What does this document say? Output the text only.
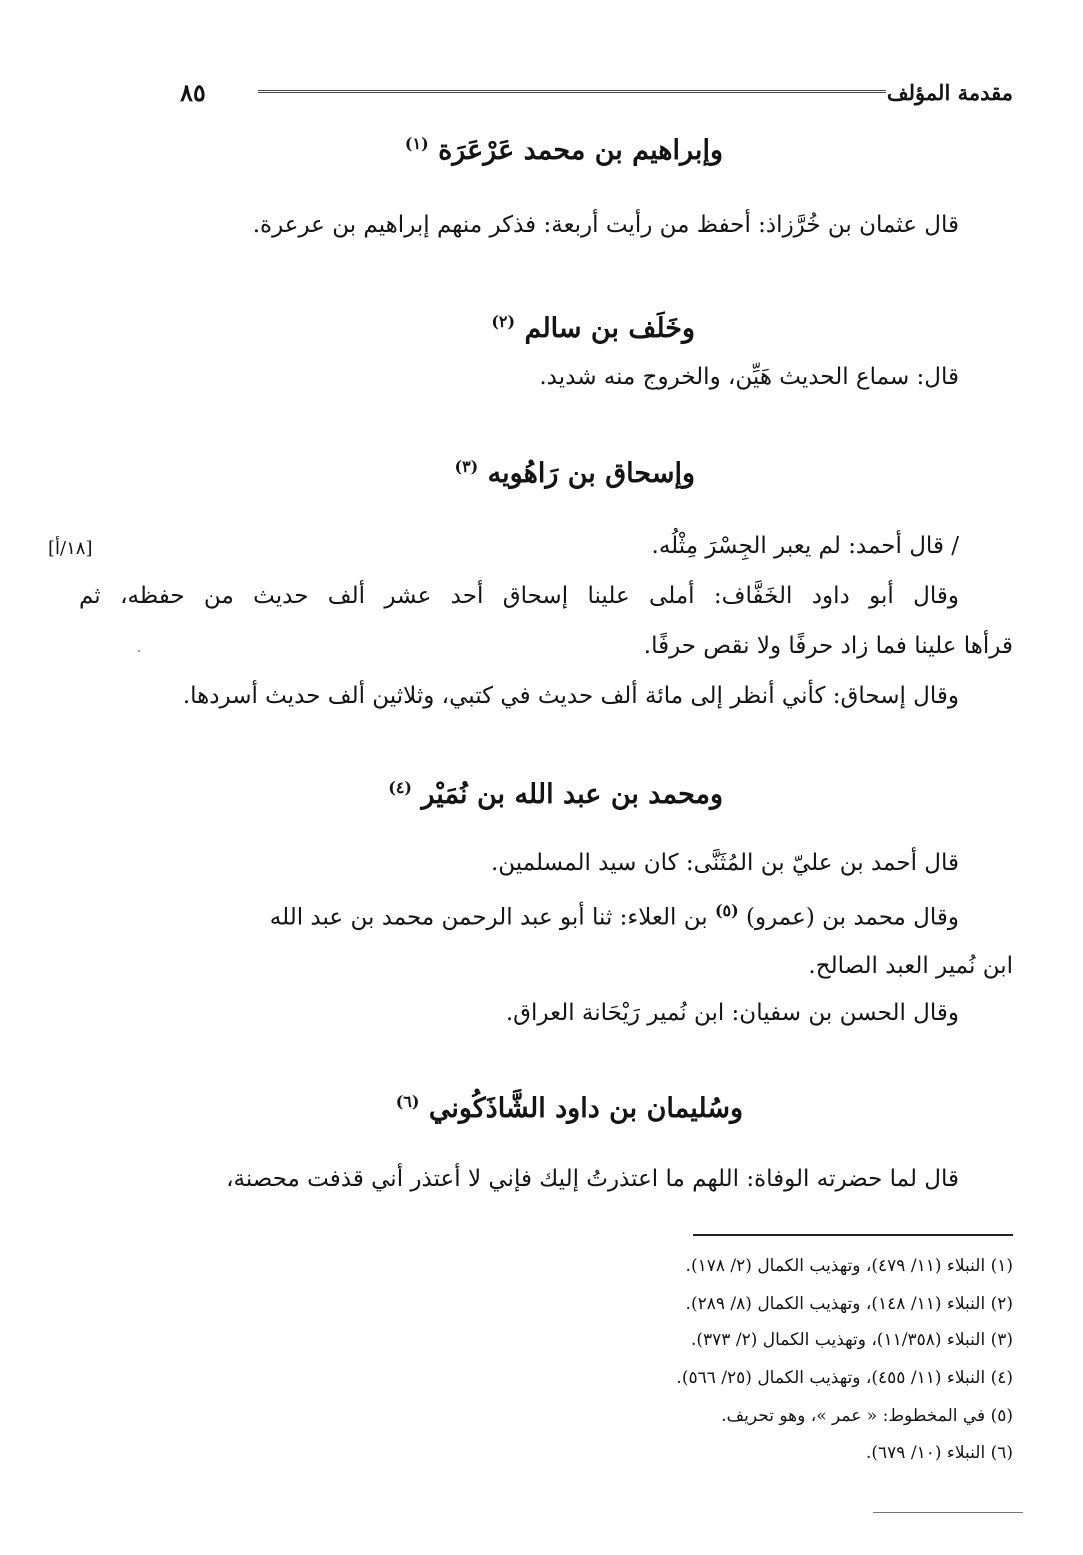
مقدمة المؤلف
٨٥
وإبراهيم بن محمد عَرْعَرَة $^{(١)}$
قال عثمان بن خُرَّزاذ: أحفظ من رأيت أربعة: فذكر منهم إبراهيم بن عرعرة.
وخَلَف بن سالم $^{(٢)}$
قال: سماع الحديث هَيِّن، والخروج منه شديد.
وإسحاق بن رَاهُويه $^{(٣)}$
[١٨/أ]	/ قال أحمد: لم يعبر الجِسْرَ مِثْلُه.
وقال أبو داود الخَفَّاف: أملى علينا إسحاق أحد عشر ألف حديث من حفظه، ثم
قرأها علينا فما زاد حرفًا ولا نقص حرفًا.
وقال إسحاق: كأني أنظر إلى مائة ألف حديث في كتبي، وثلاثين ألف حديث أسردها.
ومحمد بن عبد الله بن نُمَيْر $^{(٤)}$
قال أحمد بن عليّ بن المُثَنَّى: كان سيد المسلمين.
وقال محمد بن (عمرو) $^{(٥)}$ بن العلاء: ثنا أبو عبد الرحمن محمد بن عبد الله
ابن نُمير العبد الصالح.
وقال الحسن بن سفيان: ابن نُمير رَيْحَانة العراق.
وسُليمان بن داود الشَّاذَكُوني $^{(٦)}$
قال لما حضرته الوفاة: اللهم ما اعتذرتُ إليك فإني لا أعتذر أني قذفت محصنة،
(١) النبلاء (١١/ ٤٧٩)، وتهذيب الكمال (٢/ ١٧٨).
(٢) النبلاء (١١/ ١٤٨)، وتهذيب الكمال (٨/ ٢٨٩).
(٣) النبلاء (١١/٣٥٨)، وتهذيب الكمال (٢/ ٣٧٣).
(٤) النبلاء (١١/ ٤٥٥)، وتهذيب الكمال (٢٥/ ٥٦٦).
(٥) في المخطوط: « عمر »، وهو تحريف.
(٦) النبلاء (١٠/ ٦٧٩).
